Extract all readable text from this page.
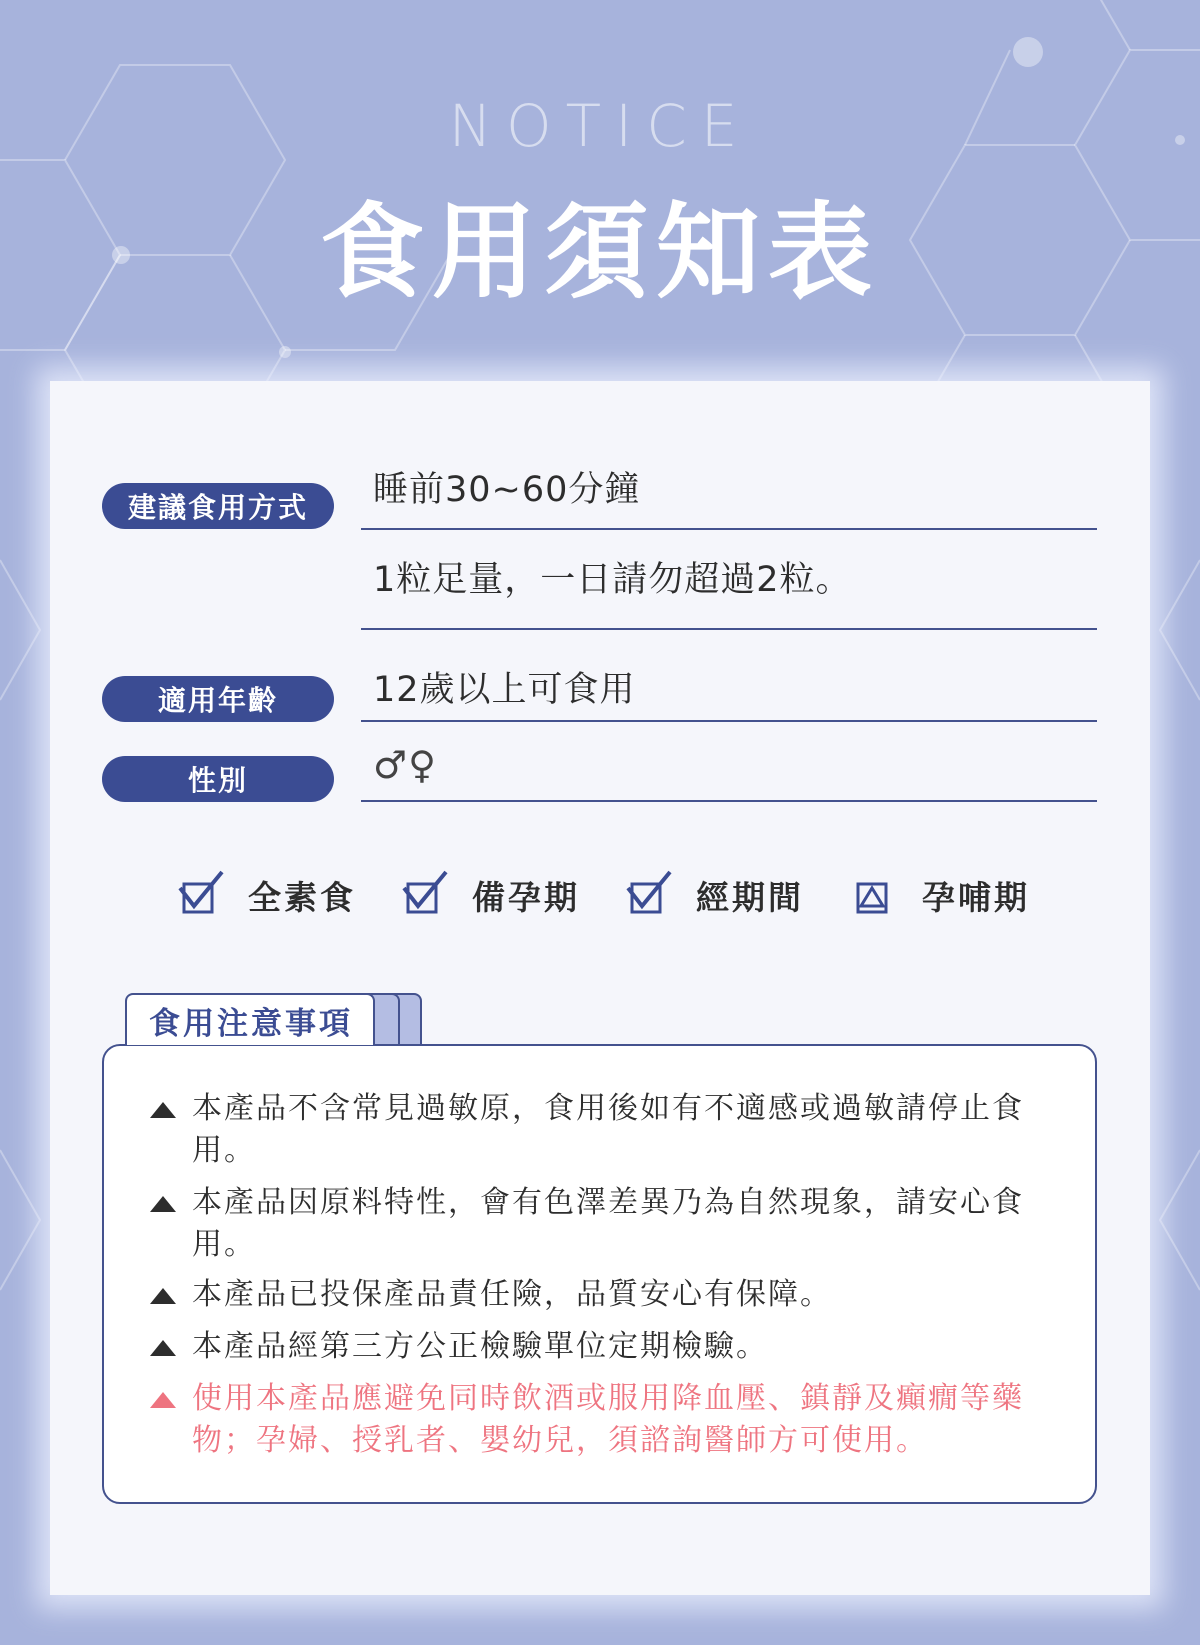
NOTICE
食用須知表
建議食用方式	睡前30~60分鐘
1粒足量，一日請勿超過2粒。
適用年齡	12歲以上可食用
性別	♂♀
全素食	備孕期	經期間	孕哺期
食用注意事項
本產品不含常見過敏原，食用後如有不適感或過敏請停止食用。
本產品因原料特性，會有色澤差異乃為自然現象，請安心食用。
本產品已投保產品責任險，品質安心有保障。
本產品經第三方公正檢驗單位定期檢驗。
使用本產品應避免同時飲酒或服用降血壓、鎮靜及癲癇等藥物；孕婦、授乳者、嬰幼兒，須諮詢醫師方可使用。
